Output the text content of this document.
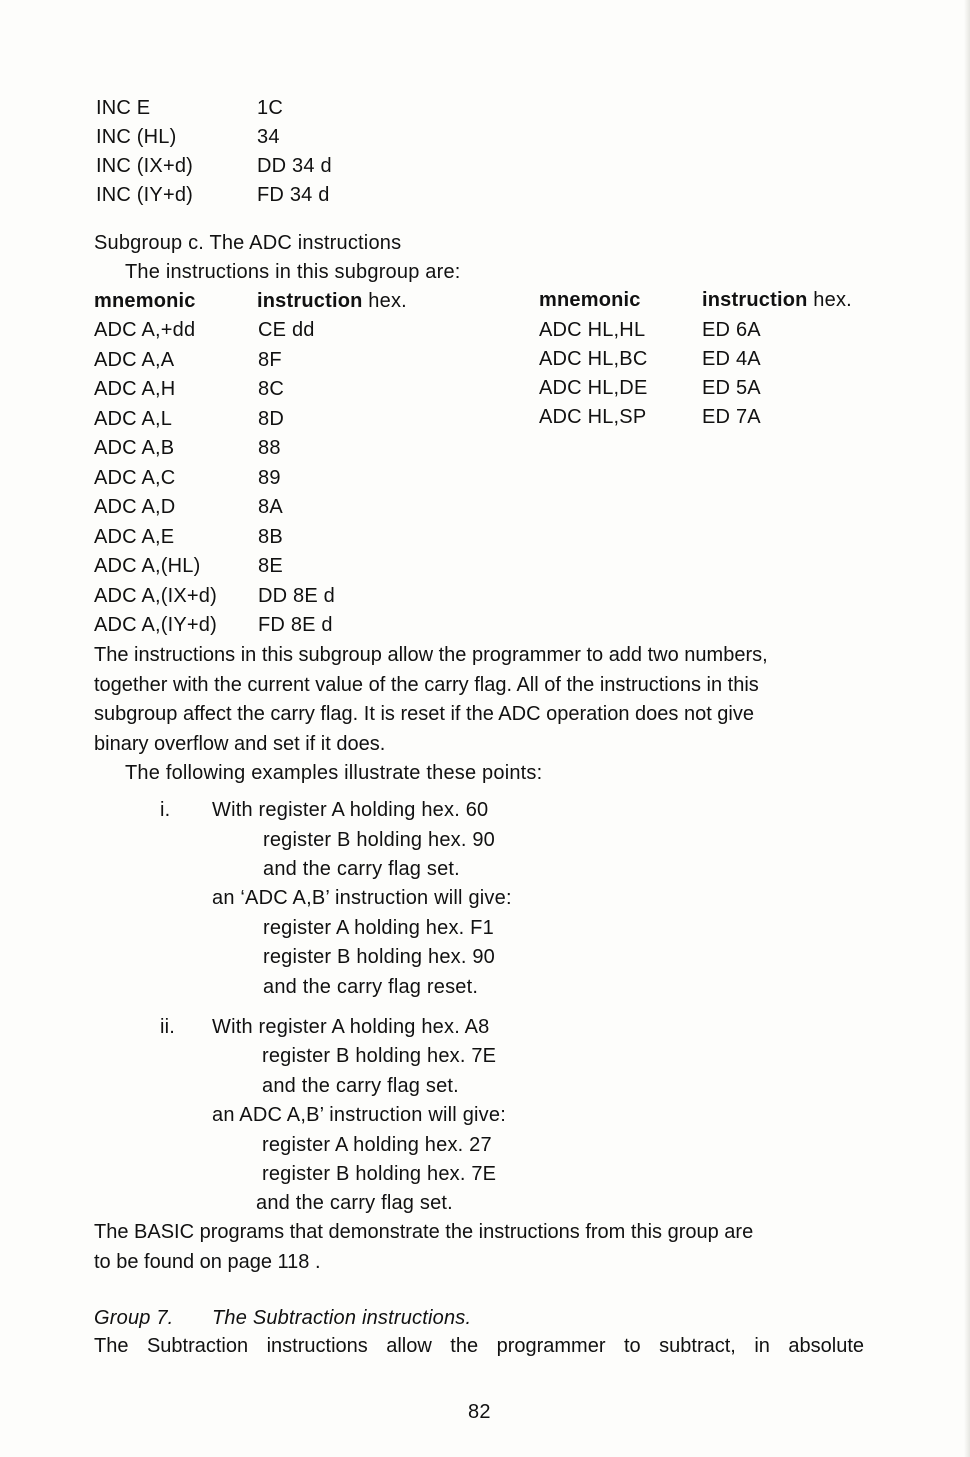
INC E	1C
INC (HL)	34
INC (IX+d)	DD 34 d
INC (IY+d)	FD 34 d
Subgroup c. The ADC instructions
The instructions in this subgroup are:
mnemonic	instruction hex.	mnemonic	instruction hex.
ADC A,+dd	CE dd
ADC A,A	8F
ADC A,H	8C
ADC A,L	8D
ADC A,B	88
ADC A,C	89
ADC A,D	8A
ADC A,E	8B
ADC A,(HL)	8E
ADC A,(IX+d) DD 8E d
ADC A,(IY+d) FD 8E d
ADC HL,HL	ED 6A
ADC HL,BC	ED 4A
ADC HL,DE	ED 5A
ADC HL,SP	ED 7A
The instructions in this subgroup allow the programmer to add two numbers,
together with the current value of the carry flag. All of the instructions in this
subgroup affect the carry flag. It is reset if the ADC operation does not give
binary overflow and set if it does.
The following examples illustrate these points:
i. With register A holding hex. 60
register B holding hex. 90
and the carry flag set.
an ‘ADC A,B’ instruction will give:
register A holding hex. F1
register B holding hex. 90
and the carry flag reset.
ii. With register A holding hex. A8
register B holding hex. 7E
and the carry flag set.
an ADC A,B’ instruction will give:
register A holding hex. 27
register B holding hex. 7E
and the carry flag set.
The BASIC programs that demonstrate the instructions from this group are
to be found on page 118 .
Group 7. The Subtraction instructions.
The Subtraction instructions allow the programmer to subtract, in absolute
82
